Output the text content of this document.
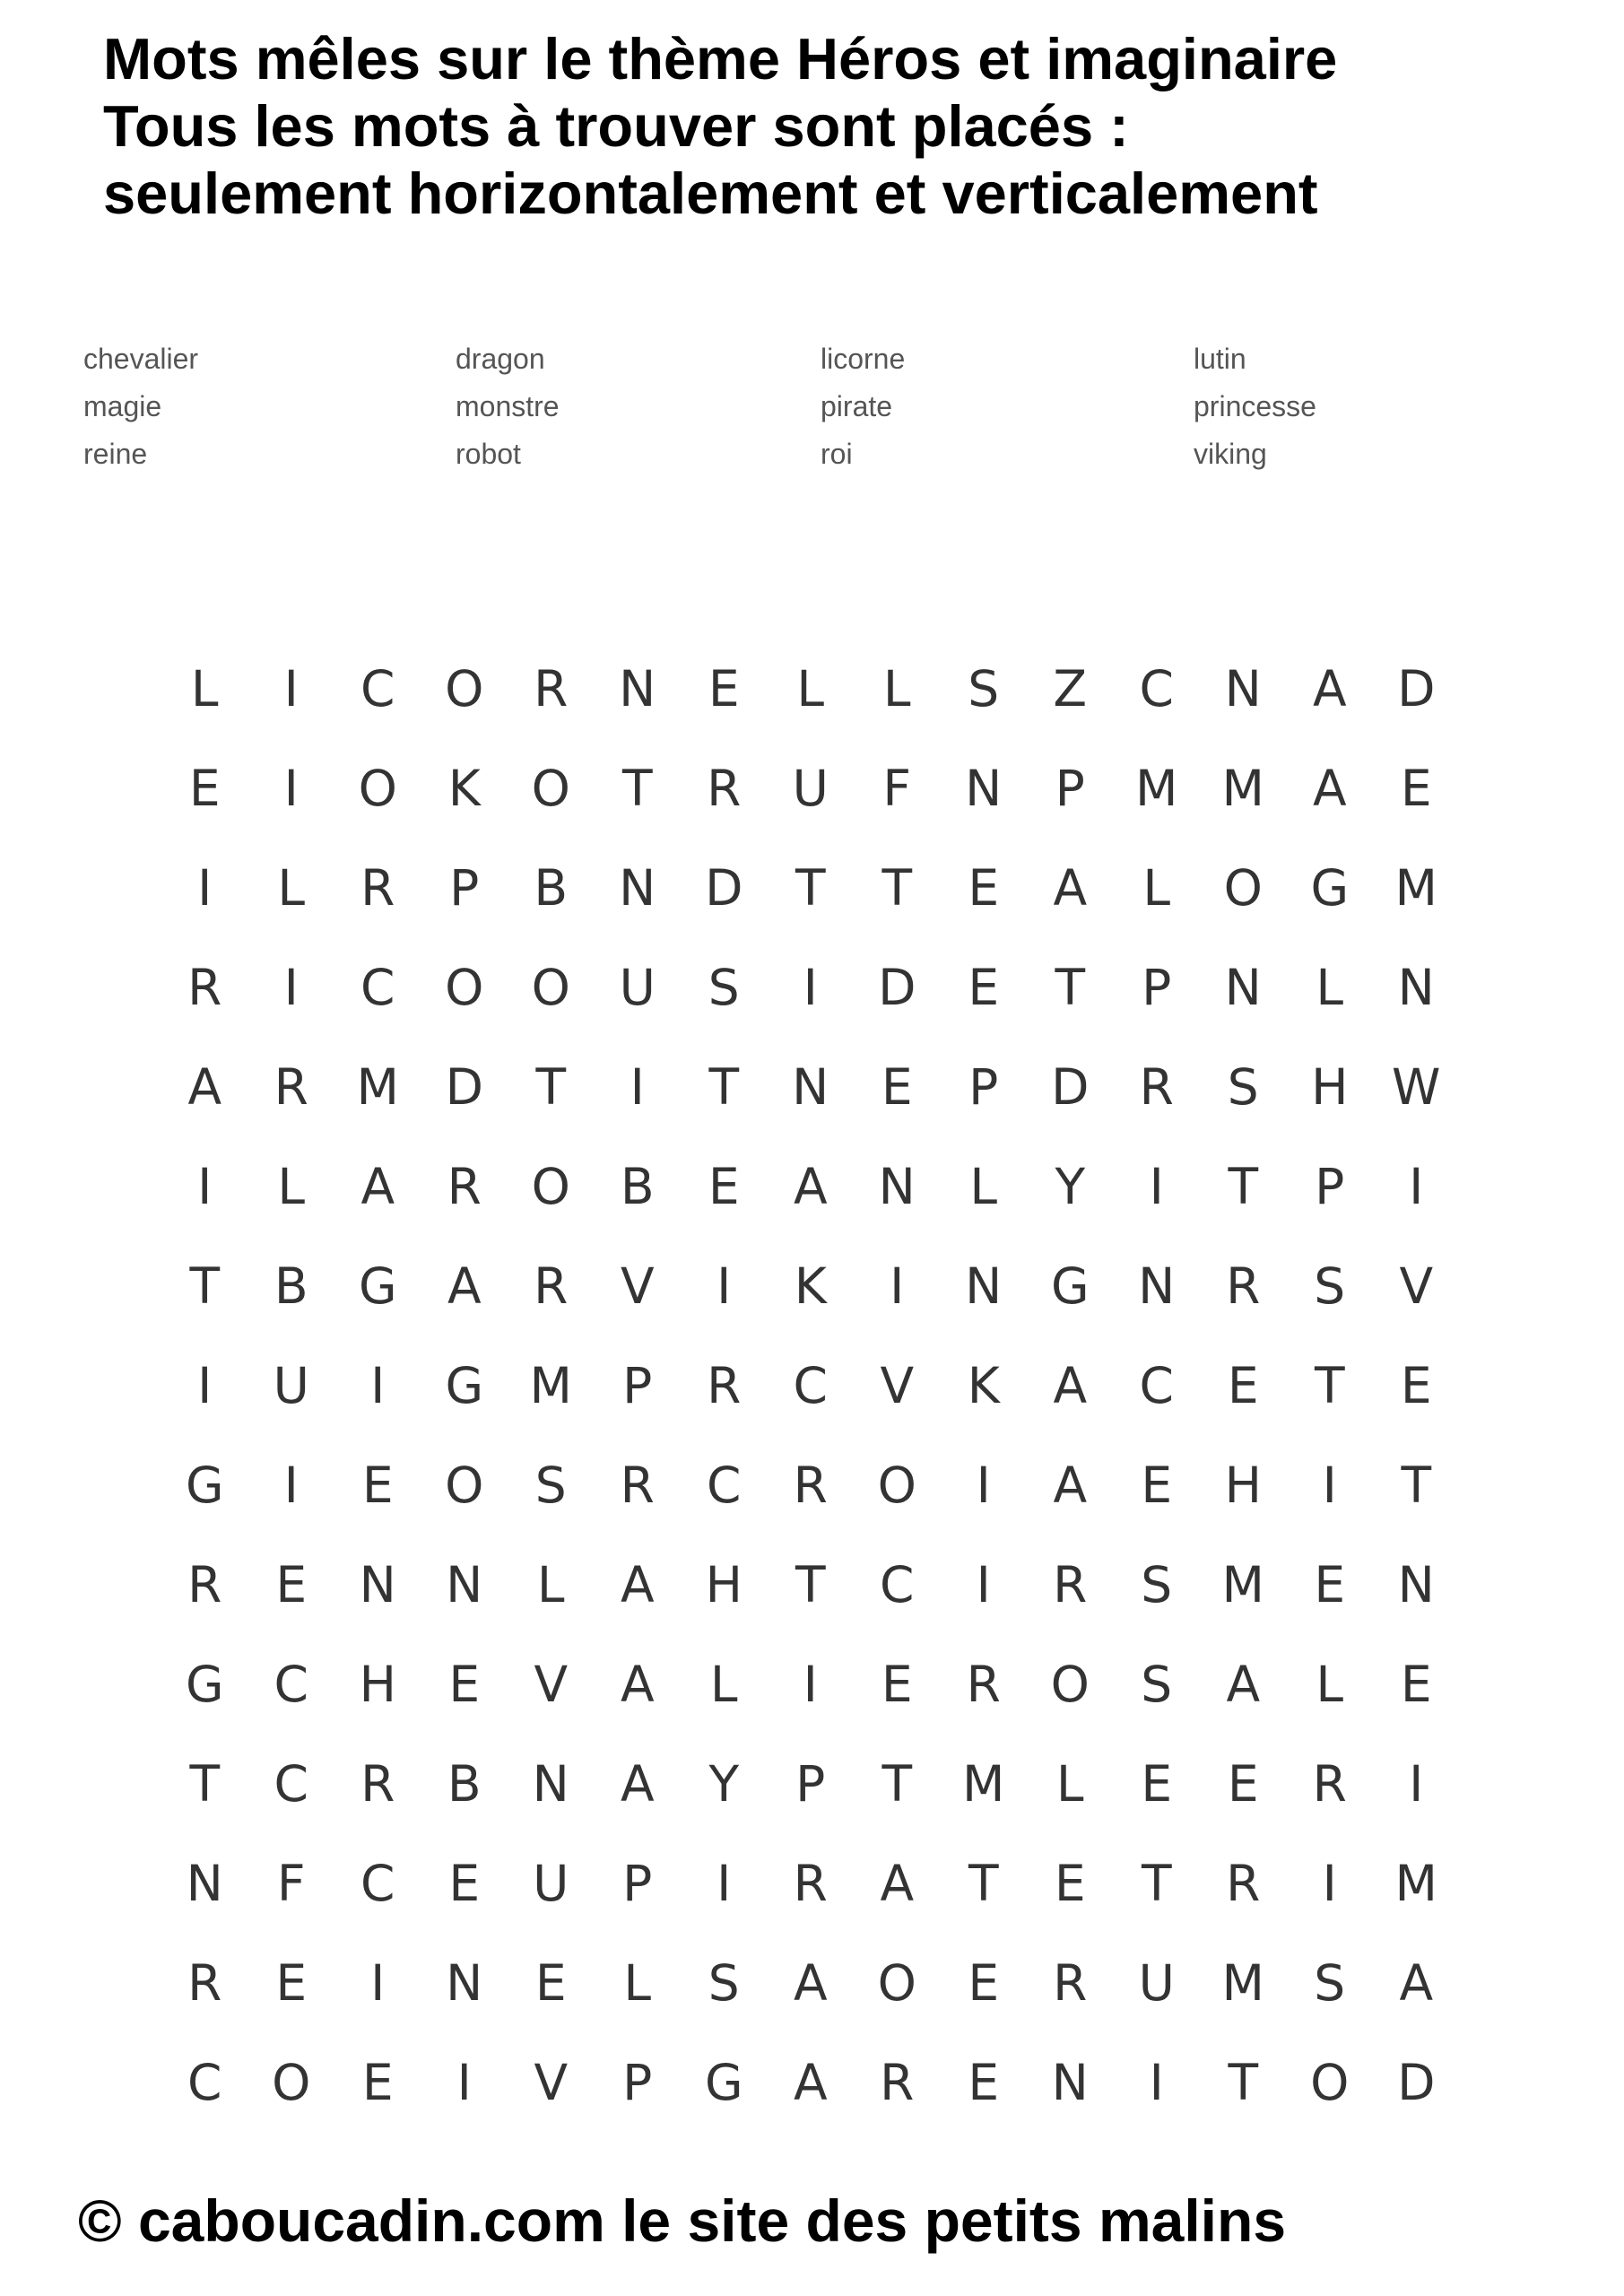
Mots mêles sur le thème Héros et imaginaire
Tous les mots à trouver sont placés :
seulement horizontalement et verticalement
chevalier	dragon	licorne	lutin
magie	monstre	pirate	princesse
reine	robot	roi	viking
L	I	C	O	R	N	E	L	L	S	Z	C	N	A	D
E	I	O	K	O	T	R	U	F	N	P	M M A	E
I	L	R	P	B	N D	T	T	E	A	L	O G M
R	I	C	O O U	S	I	D	E	T	P	N	L	N
A	R M D	T	I	T	N	E	P	D	R	S	H W
I	L	A	R	O	B	E	A	N	L	Y	I	T	P	I
T	B	G	A	R	V	I	K	I	N G N	R	S	V
I	U	I	G M	P	R	C	V	K	A	C	E	T	E
G	I	E	O	S	R	C	R	O	I	A	E	H	I	T
R	E	N	N	L	A	H	T	C	I	R	S	M	E	N
G	C	H	E	V	A	L	I	E	R	O	S	A	L	E
T	C	R	B	N	A	Y	P	T	M	L	E	E	R	I
N	F	C	E	U	P	I	R	A	T	E	T	R	I	M
R	E	I	N	E	L	S	A	O	E	R	U M	S	A
C	O	E	I	V	P	G	A	R	E	N	I	T	O D
© caboucadin.com le site des petits malins
